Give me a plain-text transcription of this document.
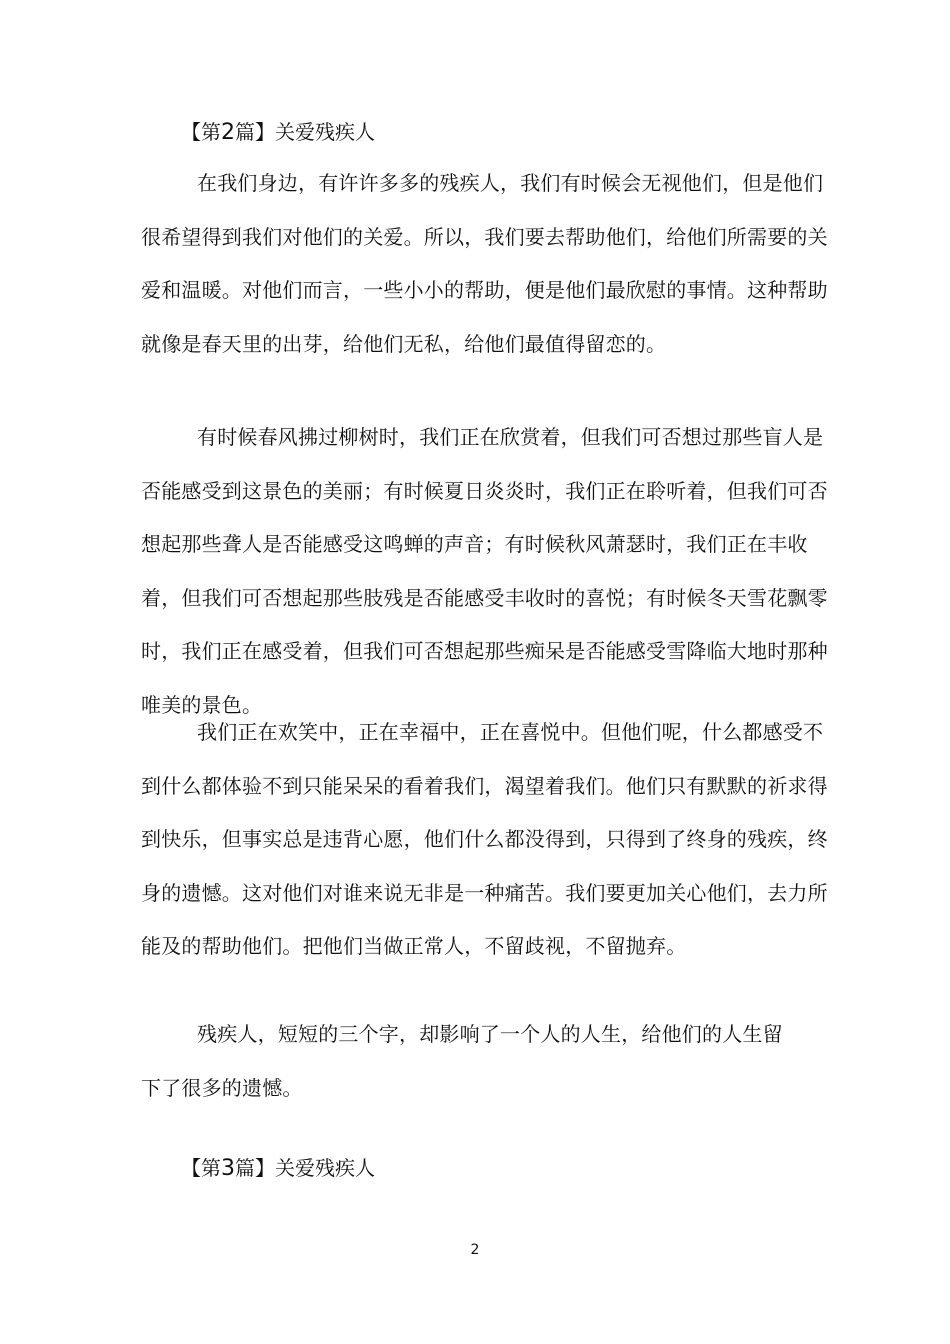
【第2篇】关爱残疾人

在我们身边，有许许多多的残疾人，我们有时候会无视他们，但是他们很希望得到我们对他们的关爱。所以，我们要去帮助他们，给他们所需要的关爱和温暖。对他们而言，一些小小的帮助，便是他们最欣慰的事情。这种帮助就像是春天里的出芽，给他们无私，给他们最值得留恋的。

有时候春风拂过柳树时，我们正在欣赏着，但我们可否想过那些盲人是否能感受到这景色的美丽；有时候夏日炎炎时，我们正在聆听着，但我们可否想起那些聋人是否能感受这鸣蝉的声音；有时候秋风萧瑟时，我们正在丰收着，但我们可否想起那些肢残是否能感受丰收时的喜悦；有时候冬天雪花飘零时，我们正在感受着，但我们可否想起那些痴呆是否能感受雪降临大地时那种唯美的景色。

我们正在欢笑中，正在幸福中，正在喜悦中。但他们呢，什么都感受不到什么都体验不到只能呆呆的看着我们，渴望着我们。他们只有默默的祈求得到快乐，但事实总是违背心愿，他们什么都没得到，只得到了终身的残疾，终身的遗憾。这对他们对谁来说无非是一种痛苦。我们要更加关心他们，去力所能及的帮助他们。把他们当做正常人，不留歧视，不留抛弃。

残疾人，短短的三个字，却影响了一个人的人生，给他们的人生留下了很多的遗憾。

【第3篇】关爱残疾人
2
